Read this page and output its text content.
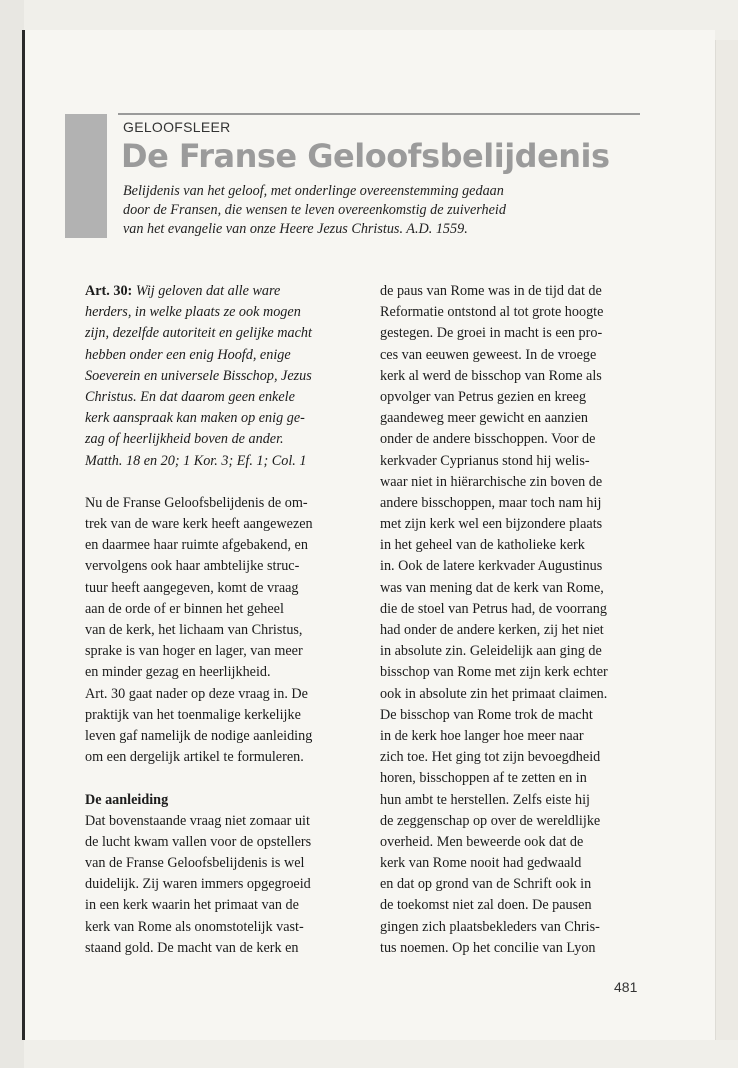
GELOOFSLEER
De Franse Geloofsbelijdenis
Belijdenis van het geloof, met onderlinge overeenstemming gedaan
door de Fransen, die wensen te leven overeenkomstig de zuiverheid
van het evangelie van onze Heere Jezus Christus. A.D. 1559.
Art. 30: Wij geloven dat alle ware
herders, in welke plaats ze ook mogen
zijn, dezelfde autoriteit en gelijke macht
hebben onder een enig Hoofd, enige
Soeverein en universele Bisschop, Jezus
Christus. En dat daarom geen enkele
kerk aanspraak kan maken op enig ge-
zag of heerlijkheid boven de ander.
Matth. 18 en 20; 1 Kor. 3; Ef. 1; Col. 1
Nu de Franse Geloofsbelijdenis de om-
trek van de ware kerk heeft aangewezen
en daarmee haar ruimte afgebakend, en
vervolgens ook haar ambtelijke struc-
tuur heeft aangegeven, komt de vraag
aan de orde of er binnen het geheel
van de kerk, het lichaam van Christus,
sprake is van hoger en lager, van meer
en minder gezag en heerlijkheid.
Art. 30 gaat nader op deze vraag in. De
praktijk van het toenmalige kerkelijke
leven gaf namelijk de nodige aanleiding
om een dergelijk artikel te formuleren.
De aanleiding
Dat bovenstaande vraag niet zomaar uit
de lucht kwam vallen voor de opstellers
van de Franse Geloofsbelijdenis is wel
duidelijk. Zij waren immers opgegroeid
in een kerk waarin het primaat van de
kerk van Rome als onomstotelijk vast-
staand gold. De macht van de kerk en
de paus van Rome was in de tijd dat de
Reformatie ontstond al tot grote hoogte
gestegen. De groei in macht is een pro-
ces van eeuwen geweest. In de vroege
kerk al werd de bisschop van Rome als
opvolger van Petrus gezien en kreeg
gaandeweg meer gewicht en aanzien
onder de andere bisschoppen. Voor de
kerkvader Cyprianus stond hij welis-
waar niet in hiërarchische zin boven de
andere bisschoppen, maar toch nam hij
met zijn kerk wel een bijzondere plaats
in het geheel van de katholieke kerk
in. Ook de latere kerkvader Augustinus
was van mening dat de kerk van Rome,
die de stoel van Petrus had, de voorrang
had onder de andere kerken, zij het niet
in absolute zin. Geleidelijk aan ging de
bisschop van Rome met zijn kerk echter
ook in absolute zin het primaat claimen.
De bisschop van Rome trok de macht
in de kerk hoe langer hoe meer naar
zich toe. Het ging tot zijn bevoegdheid
horen, bisschoppen af te zetten en in
hun ambt te herstellen. Zelfs eiste hij
de zeggenschap op over de wereldlijke
overheid. Men beweerde ook dat de
kerk van Rome nooit had gedwaald
en dat op grond van de Schrift ook in
de toekomst niet zal doen. De pausen
gingen zich plaatsbekleders van Chris-
tus noemen. Op het concilie van Lyon
481
